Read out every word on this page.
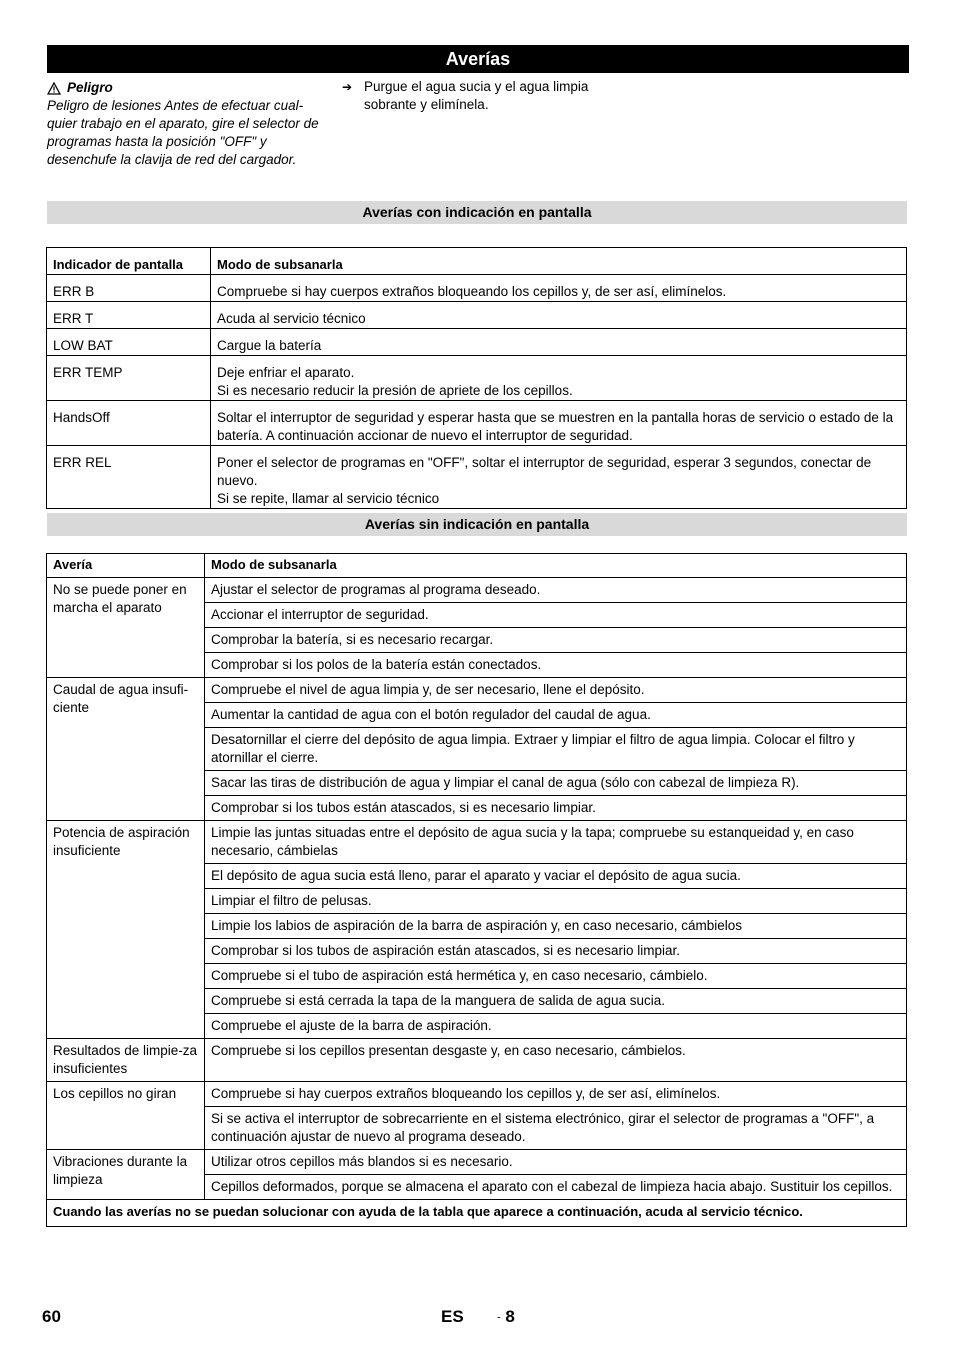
Averías
Peligro
Peligro de lesiones Antes de efectuar cual-quier trabajo en el aparato, gire el selector de programas hasta la posición "OFF" y desenchufe la clavija de red del cargador.
➔ Purgue el agua sucia y el agua limpia sobrante y elimínela.
Averías con indicación en pantalla
Indicador de pantalla	Modo de subsanarla
ERR B	Compruebe si hay cuerpos extraños bloqueando los cepillos y, de ser así, elimínelos.
ERR T	Acuda al servicio técnico
LOW BAT	Cargue la batería
ERR TEMP	Deje enfriar el aparato.
Si es necesario reducir la presión de apriete de los cepillos.
HandsOff	Soltar el interruptor de seguridad y esperar hasta que se muestren en la pantalla horas de servicio o estado de la batería. A continuación accionar de nuevo el interruptor de seguridad.
ERR REL	Poner el selector de programas en "OFF", soltar el interruptor de seguridad, esperar 3 segundos, conectar de nuevo.
Si se repite, llamar al servicio técnico
Averías sin indicación en pantalla
Avería	Modo de subsanarla
No se puede poner en marcha el aparato	Ajustar el selector de programas al programa deseado.
	Accionar el interruptor de seguridad.
	Comprobar la batería, si es necesario recargar.
	Comprobar si los polos de la batería están conectados.
Caudal de agua insufi-ciente	Compruebe el nivel de agua limpia y, de ser necesario, llene el depósito.
	Aumentar la cantidad de agua con el botón regulador del caudal de agua.
	Desatornillar el cierre del depósito de agua limpia. Extraer y limpiar el filtro de agua limpia. Colocar el filtro y atornillar el cierre.
	Sacar las tiras de distribución de agua y limpiar el canal de agua (sólo con cabezal de limpieza R).
	Comprobar si los tubos están atascados, si es necesario limpiar.
Potencia de aspiración insuficiente	Limpie las juntas situadas entre el depósito de agua sucia y la tapa; compruebe su estanqueidad y, en caso necesario, cámbielas
	El depósito de agua sucia está lleno, parar el aparato y vaciar el depósito de agua sucia.
	Limpiar el filtro de pelusas.
	Limpie los labios de aspiración de la barra de aspiración y, en caso necesario, cámbielos
	Comprobar si los tubos de aspiración están atascados, si es necesario limpiar.
	Compruebe si el tubo de aspiración está hermética y, en caso necesario, cámbielo.
	Compruebe si está cerrada la tapa de la manguera de salida de agua sucia.
	Compruebe el ajuste de la barra de aspiración.
Resultados de limpie-za insuficientes	Compruebe si los cepillos presentan desgaste y, en caso necesario, cámbielos.
Los cepillos no giran	Compruebe si hay cuerpos extraños bloqueando los cepillos y, de ser así, elimínelos.
	Si se activa el interruptor de sobrecarriente en el sistema electrónico, girar el selector de programas a "OFF", a continuación ajustar de nuevo al programa deseado.
Vibraciones durante la limpieza	Utilizar otros cepillos más blandos si es necesario.
	Cepillos deformados, porque se almacena el aparato con el cabezal de limpieza hacia abajo. Sustituir los cepillos.
Cuando las averías no se puedan solucionar con ayuda de la tabla que aparece a continuación, acuda al servicio técnico.	
60	ES	- 8
